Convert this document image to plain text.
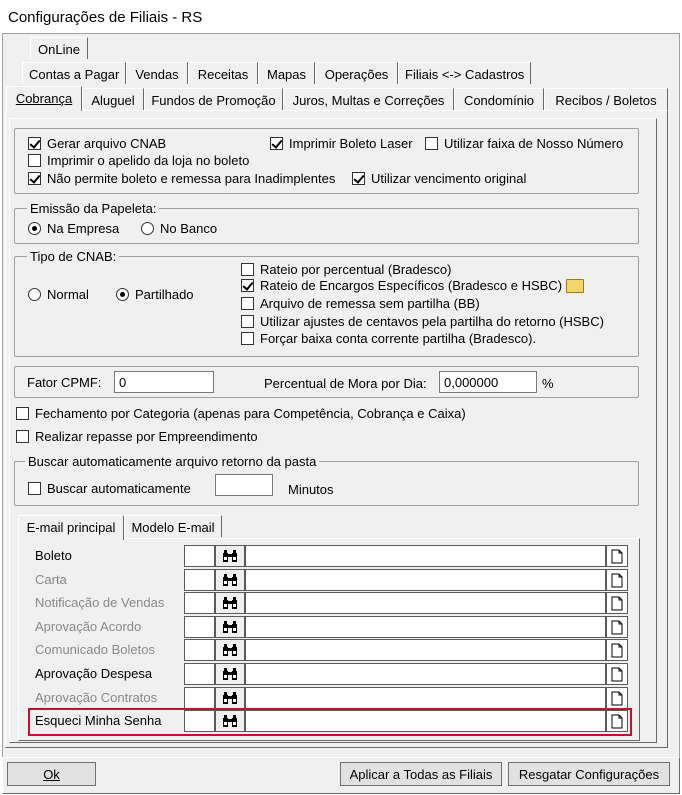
Configurações de Filiais - RS
OnLine
Contas a Pagar	Vendas	Receitas	Mapas	Operações	Filiais <-> Cadastros
Cobrança	Aluguel	Fundos de Promoção	Juros, Multas e Correções	Condomínio	Recibos / Boletos
Gerar arquivo CNAB	Imprimir Boleto Laser Utilizar faixa de Nosso Número
Imprimir o apelido da loja no boleto
Não permite boleto e remessa para Inadimplentes	Utilizar vencimento original
Emissão da Papeleta:
Na Empresa	No Banco
Tipo de CNAB:
Normal	Partilhado
Rateio por percentual (Bradesco)
Rateio de Encargos Específicos (Bradesco e HSBC)
Arquivo de remessa sem partilha (BB)
Utilizar ajustes de centavos pela partilha do retorno (HSBC)
Forçar baixa conta corrente partilha (Bradesco).
Fator CPMF:	0	Percentual de Mora por Dia:	0,000000	%
Fechamento por Categoria (apenas para Competência, Cobrança e Caixa)
Realizar repasse por Empreendimento
Buscar automaticamente arquivo retorno da pasta
Buscar automaticamente	Minutos
E-mail principal	Modelo E-mail
Boleto
Carta
Notificação de Vendas
Aprovação Acordo
Comunicado Boletos
Aprovação Despesa
Aprovação Contratos
Esqueci Minha Senha
Ok	Aplicar a Todas as Filiais	Resgatar Configurações
